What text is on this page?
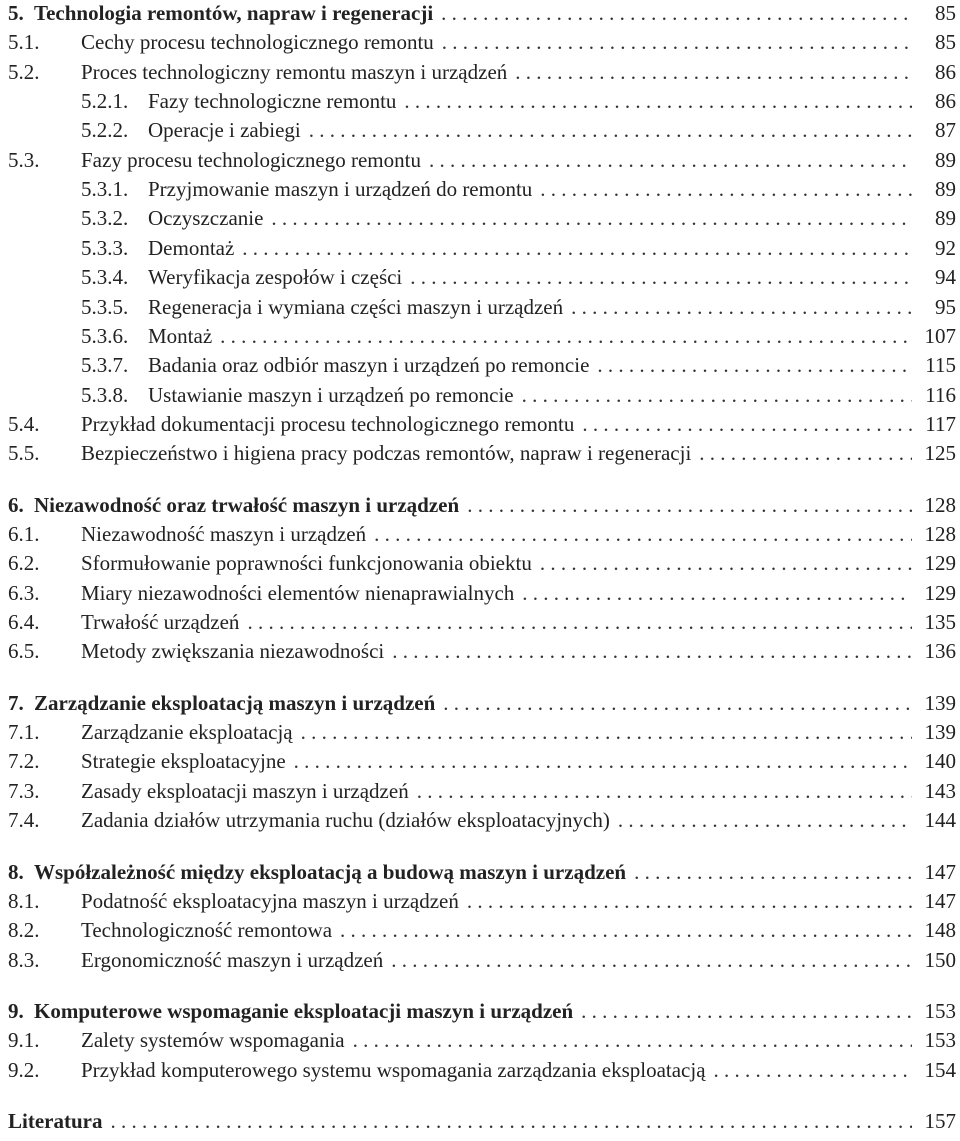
5. Technologia remontów, napraw i regeneracji . . .	85
5.1.	Cechy procesu technologicznego remontu . . .	85
5.2.	Proces technologiczny remontu maszyn i urządzeń . . .	86
5.2.1. Fazy technologiczne remontu . . .	86
5.2.2. Operacje i zabiegi . . .	87
5.3.	Fazy procesu technologicznego remontu . . .	89
5.3.1. Przyjmowanie maszyn i urządzeń do remontu . . .	89
5.3.2. Oczyszczanie . . .	89
5.3.3. Demontaż . . .	92
5.3.4. Weryfikacja zespołów i części . . .	94
5.3.5. Regeneracja i wymiana części maszyn i urządzeń . . .	95
5.3.6. Montaż . . .	107
5.3.7. Badania oraz odbiór maszyn i urządzeń po remoncie . . .	115
5.3.8. Ustawianie maszyn i urządzeń po remoncie . . .	116
5.4.	Przykład dokumentacji procesu technologicznego remontu . . .	117
5.5.	Bezpieczeństwo i higiena pracy podczas remontów, napraw i regeneracji . . .	125
6. Niezawodność oraz trwałość maszyn i urządzeń . . .	128
6.1.	Niezawodność maszyn i urządzeń . . .	128
6.2.	Sformułowanie poprawności funkcjonowania obiektu . . .	129
6.3.	Miary niezawodności elementów nienaprawialnych . . .	129
6.4.	Trwałość urządzeń . . .	135
6.5.	Metody zwiększania niezawodności . . .	136
7. Zarządzanie eksploatacją maszyn i urządzeń . . .	139
7.1.	Zarządzanie eksploatacją . . .	139
7.2.	Strategie eksploatacyjne . . .	140
7.3.	Zasady eksploatacji maszyn i urządzeń . . .	143
7.4.	Zadania działów utrzymania ruchu (działów eksploatacyjnych) . . .	144
8. Współzależność między eksploatacją a budową maszyn i urządzeń . . .	147
8.1.	Podatność eksploatacyjna maszyn i urządzeń . . .	147
8.2.	Technologiczność remontowa . . .	148
8.3.	Ergonomiczność maszyn i urządzeń . . .	150
9. Komputerowe wspomaganie eksploatacji maszyn i urządzeń . . .	153
9.1.	Zalety systemów wspomagania . . .	153
9.2.	Przykład komputerowego systemu wspomagania zarządzania eksploatacją . . .	154
Literatura . . .	157
